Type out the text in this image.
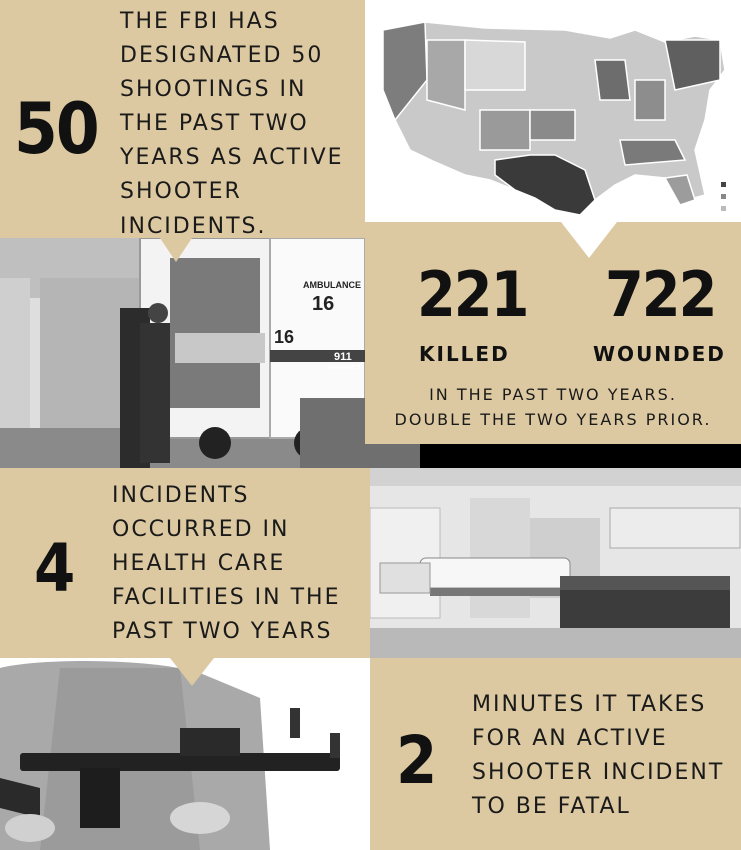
50
THE FBI HAS
DESIGNATED 50
SHOOTINGS IN
THE PAST TWO
YEARS AS ACTIVE
SHOOTER
AMBULANCE
16
16
911
EMERGENCY
221 722
KILLED	WOUNDED
IN THE PAST TWO YEARS.
DOUBLE THE TWO YEARS PRIOR.
4
INCIDENTS
OCCURRED IN
HEALTH CARE
FACILITIES IN THE
PAST TWO YEARS
2
MINUTES IT TAKES
FOR AN ACTIVE
SHOOTER INCIDENT
TO BE FATAL
INCIDENTS.
